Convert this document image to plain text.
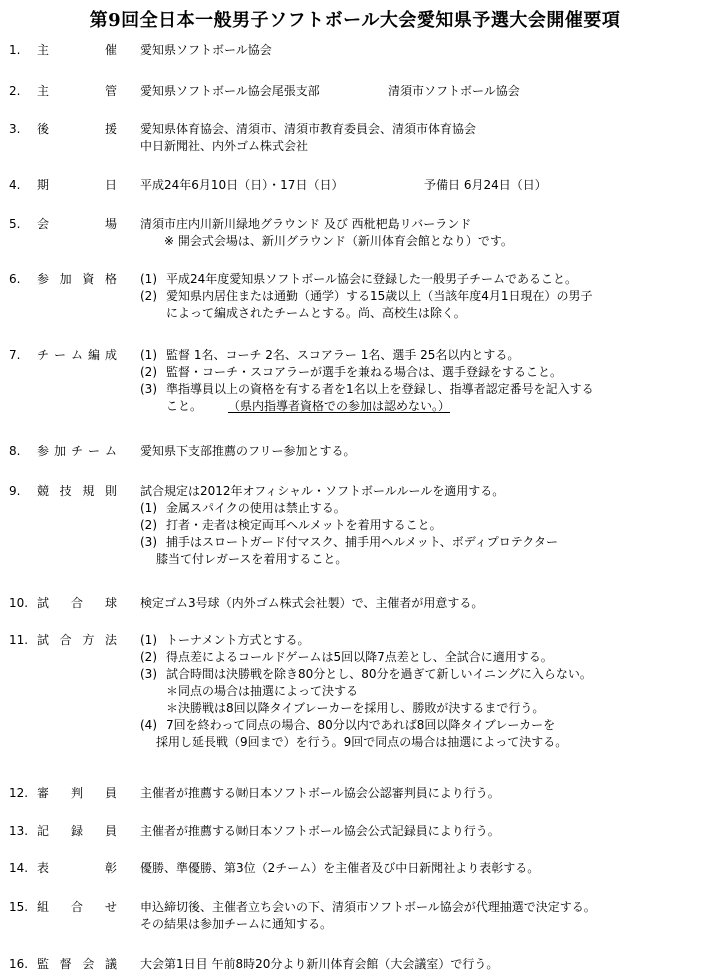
第9回全日本一般男子ソフトボール大会愛知県予選大会開催要項
1. 主	催 愛知県ソフトボール協会
2. 主	管 愛知県ソフトボール協会尾張支部	清須市ソフトボール協会
3. 後	援 愛知県体育協会、清須市、清須市教育委員会、清須市体育協会
中日新聞社、内外ゴム株式会社
4. 期	日 平成24年6月10日（日）・17日（日）	予備日 6月24日（日）
5. 会	場 清須市庄内川新川緑地グラウンド 及び 西枇杷島リバーランド
※ 開会式会場は、新川グラウンド（新川体育会館となり）です。
6. 参 加 資 格 (1) 平成24年度愛知県ソフトボール協会に登録した一般男子チームであること。
(2) 愛知県内居住または通勤（通学）する15歳以上（当該年度4月1日現在）の男子
によって編成されたチームとする。尚、高校生は除く。
7. チ ー ム 編 成 (1) 監督 1名、コーチ 2名、スコアラー 1名、選手 25名以内とする。
(2) 監督・コーチ・スコアラーが選手を兼ねる場合は、選手登録をすること。
(3) 準指導員以上の資格を有する者を1名以上を登録し、指導者認定番号を記入する
こと。 （県内指導者資格での参加は認めない。）
8. 参 加 チ ー ム 愛知県下支部推薦のフリー参加とする。
9. 競 技 規 則 試合規定は2012年オフィシャル・ソフトボールルールを適用する。
(1) 金属スパイクの使用は禁止する。
(2) 打者・走者は検定両耳ヘルメットを着用すること。
(3) 捕手はスロートガード付マスク、捕手用ヘルメット、ボディプロテクター
膝当て付レガースを着用すること。
10. 試 合 球 検定ゴム3号球（内外ゴム株式会社製）で、主催者が用意する。
11. 試 合 方 法 (1) トーナメント方式とする。
(2) 得点差によるコールドゲームは5回以降7点差とし、全試合に適用する。
(3) 試合時間は決勝戦を除き80分とし、80分を過ぎて新しいイニングに入らない。
＊同点の場合は抽選によって決する
＊決勝戦は8回以降タイブレーカーを採用し、勝敗が決するまで行う。
(4) 7回を終わって同点の場合、80分以内であれば8回以降タイブレーカーを
採用し延長戦（9回まで）を行う。9回で同点の場合は抽選によって決する。
12. 審 判 員 主催者が推薦する㈶日本ソフトボール協会公認審判員により行う。
13. 記 録 員 主催者が推薦する㈶日本ソフトボール協会公式記録員により行う。
14. 表	彰 優勝、準優勝、第3位（2チーム）を主催者及び中日新聞社より表彰する。
15. 組 合 せ 申込締切後、主催者立ち会いの下、清須市ソフトボール協会が代理抽選で決定する。
その結果は参加チームに通知する。
16. 監 督 会 議 大会第1日目 午前8時20分より新川体育会館（大会議室）で行う。
